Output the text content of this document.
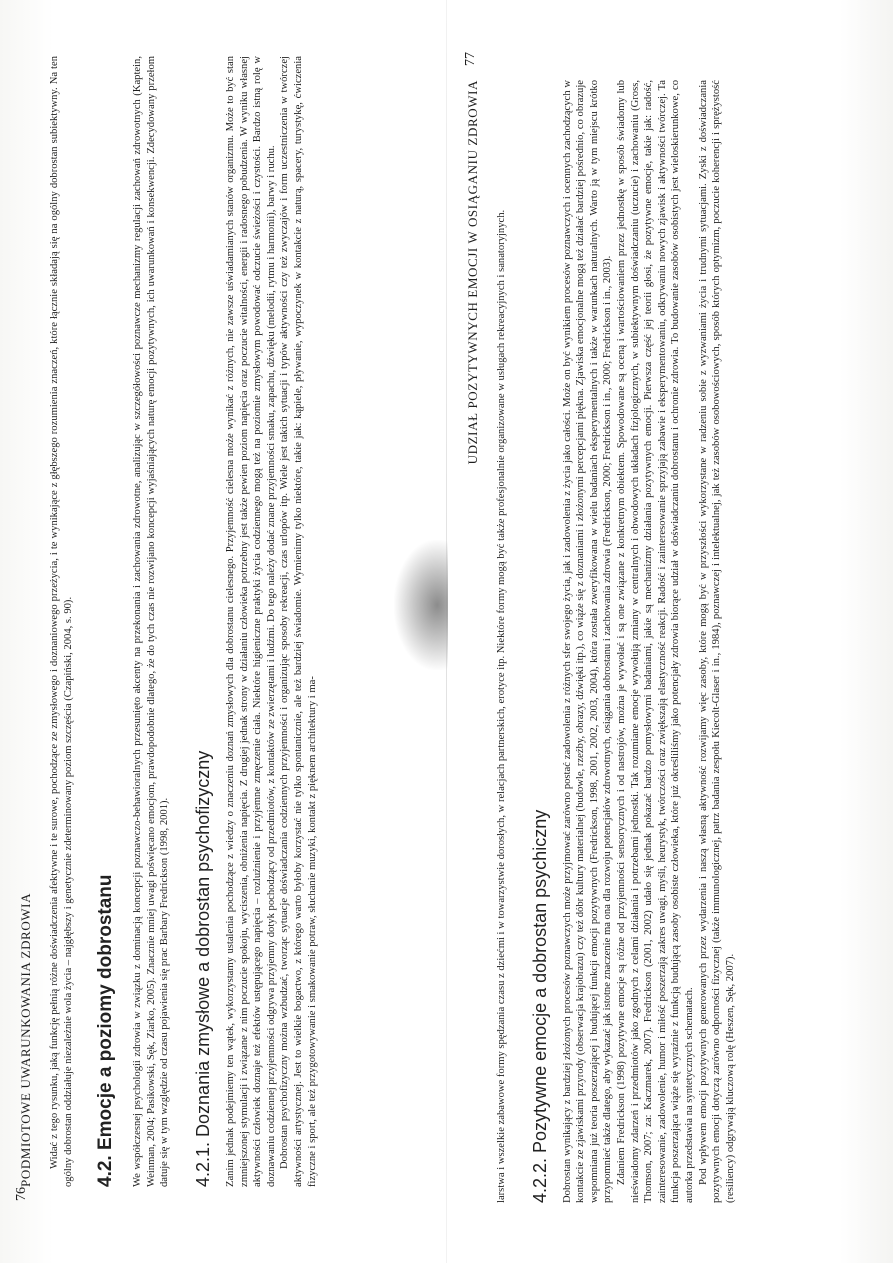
76
PODMIOTOWE UWARUNKOWANIA ZDROWIA Widać z tego rysunku, jaką funkcję pełnią różne doświadczenia afektywne i te surowe, pochodzące ze zmysłowego i doznaniowego przeżycia, i te wynikające z głębszego rozumienia znaczeń, które łącznie składają się na ogólny dobrostan subiektywny. Na ten ogólny dobrostan oddziałuje niezależnie wola życia – najgłębszy i genetycznie zdeterminowany poziom szczęścia (Czapiński, 2004, s. 90). 4.2. Emocje a poziomy dobrostanu We współczesnej psychologii zdrowia w związku z dominacją koncepcji poznawczo-behawioralnych przesunięto akcenty na przekonania i zachowania zdrowotne, analizując w szczegółowości poznawcze mechanizmy regulacji zachowań zdrowotnych (Kaptein, Weinman, 2004; Pasikowski, Sęk, Ziarko, 2005). Znacznie mniej uwagi poświęcano emocjom, prawdopodobnie dlatego, że do tych czas nie rozwijano koncepcji wyjaśniających naturę emocji pozytywnych, ich uwarunkowań i konsekwencji. Zdecydowany przełom datuje się w tym względzie od czasu pojawienia się prac Barbary Fredrickson (1998, 2001). 4.2.1. Doznania zmysłowe a dobrostan psychofizyczny Zanim jednak podejmiemy ten wątek, wykorzystamy ustalenia pochodzące z wiedzy o znaczeniu doznań zmysłowych dla dobrostanu cielesnego. Przyjemność cielesna może wynikać z różnych, nie zawsze uświadamianych stanów organizmu. Może to być stan zmniejszonej stymulacji i związane z nim poczucie spokoju, wyciszenia, obniżenia napięcia. Z drugiej jednak strony w działaniu człowieka potrzebny jest także pewien poziom napięcia oraz poczucie witalności, energii i radosnego pobudzenia. W wyniku własnej aktywności człowiek doznaje też efektów ustępującego napięcia – rozluźnienie i przyjemne zmęczenie ciała. Niektóre higieniczne praktyki życia codziennego mogą też na poziomie zmysłowym powodować odczucie świeżości i czystości. Bardzo istną rolę w doznawaniu codziennej przyjemności odgrywa przyjemny dotyk pochodzący od przedmiotów, z kontaktów ze zwierzętami i ludźmi. Do tego należy dodać znane przyjemności smaku, zapachu, dźwięku (melodii, rytmu i harmonii), barwy i ruchu. Dobrostan psychofizyczny można wzbudzać, tworząc sytuacje doświadczania codziennych przyjemności i organizując sposoby rekreacji, czas urlopów itp. Wiele jest takich sytuacji i typów aktywności czy też zwyczajów i form uczestniczenia w twórczej aktywności artystycznej. Jest to wielkie bogactwo, z którego warto byłoby korzystać nie tylko spontanicznie, ale też bardziej świadomie. Wymienimy tylko niektóre, takie jak: kąpiele, pływanie, wypoczynek w kontakcie z naturą, spacery, turystykę, ćwiczenia fizyczne i sport, ale też przygotowywanie i smakowanie potraw, słuchanie muzyki, kontakt z pięknem architektury i ma-

UDZIAŁ POZYTYWNYCH EMOCJI W OSIĄGANIU ZDROWIA
77

larstwa i wszelkie zabawowe formy spędzania czasu z dziećmi i w towarzystwie dorosłych, w relacjach partnerskich, erotyce itp. Niektóre formy mogą być także profesjonalnie organizowane w usługach rekreacyjnych i sanatoryjnych. 4.2.2. Pozytywne emocje a dobrostan psychiczny Dobrostan wynikający z bardziej złożonych procesów poznawczych może przyjmować zarówno postać zadowolenia z różnych sfer swojego życia, jak i zadowolenia z życia jako całości. Może on być wynikiem procesów poznawczych i ocennych zachodzących w kontakcie ze zjawiskami przyrody (obserwacja krajobrazu) czy też dóbr kultury materialnej (budowle, rzeźby, obrazy, dźwięki itp.), co wiąże się z doznaniami i złożonymi percepcjami piękna. Zjawiska emocjonalne mogą też działać bardziej pośrednio, co obrazuje wspomniana już teoria poszerzającej i budującej funkcji emocji pozytywnych (Fredrickson, 1998, 2001, 2002, 2003, 2004), która została zweryfikowana w wielu badaniach eksperymentalnych i także w warunkach naturalnych. Warto ją w tym miejscu krótko przypomnieć także dlatego, aby wykazać jak istotne znaczenie ma ona dla rozwoju potencjałów zdrowotnych, osiągania dobrostanu i zachowania zdrowia (Fredrickson, 2000; Fredrickson i in., 2000; Fredrickson i in., 2003). Zdaniem Fredrickson (1998) pozytywne emocje są różne od przyjemności sensorycznych i od nastrojów, można je wywołać i są one związane z konkretnym obiektem. Spowodowane są oceną i wartościowaniem przez jednostkę w sposób świadomy lub nieświadomy zdarzeń i przedmiotów jako zgodnych z celami działania i potrzebami jednostki. Tak rozumiane emocje wywołują zmiany w centralnych i obwodowych układach fizjologicznych, w subiektywnym doświadczaniu (uczucie) i zachowaniu (Gross, Thomson, 2007; za: Kaczmarek, 2007). Fredrickson (2001, 2002) udało się jednak pokazać bardzo pomysłowymi badaniami, jakie są mechanizmy działania pozytywnych emocji. Pierwsza część jej teorii głosi, że pozytywne emocje, takie jak: radość, zainteresowanie, zadowolenie, humor i miłość poszerzają zakres uwagi, myśli, heurystyk, twórczości oraz zwiększają elastyczność reakcji. Radość i zainteresowanie sprzyjają zabawie i eksperymentowaniu, odkrywaniu nowych zjawisk i aktywności twórczej. Ta funkcja poszerzająca wiąże się wyraźnie z funkcją budującą zasoby osobiste człowieka, które już określiliśmy jako potencjały zdrowia biorące udział w doświadczaniu dobrostanu i ochronie zdrowia. To budowanie zasobów osobistych jest wieloskierunkowe, co autorka przedstawia na syntetycznych schematach. Pod wpływem emocji pozytywnych generowanych przez wydarzenia i naszą własną aktywność rozwijamy więc zasoby, które mogą być w przyszłości wykorzystane w radzeniu sobie z wyzwaniami życia i trudnymi sytuacjami. Zyski z doświadczania pozytywnych emocji dotyczą zarówno odporności fizycznej (także immunologicznej, patrz badania zespołu Kiecolt-Glaser i in., 1984), poznawczej i intelektualnej, jak też zasobów osobowościowych, sposób których optymizm, poczucie koherencji i sprężystość (resiliency) odgrywają kluczową rolę (Heszen, Sęk, 2007).
